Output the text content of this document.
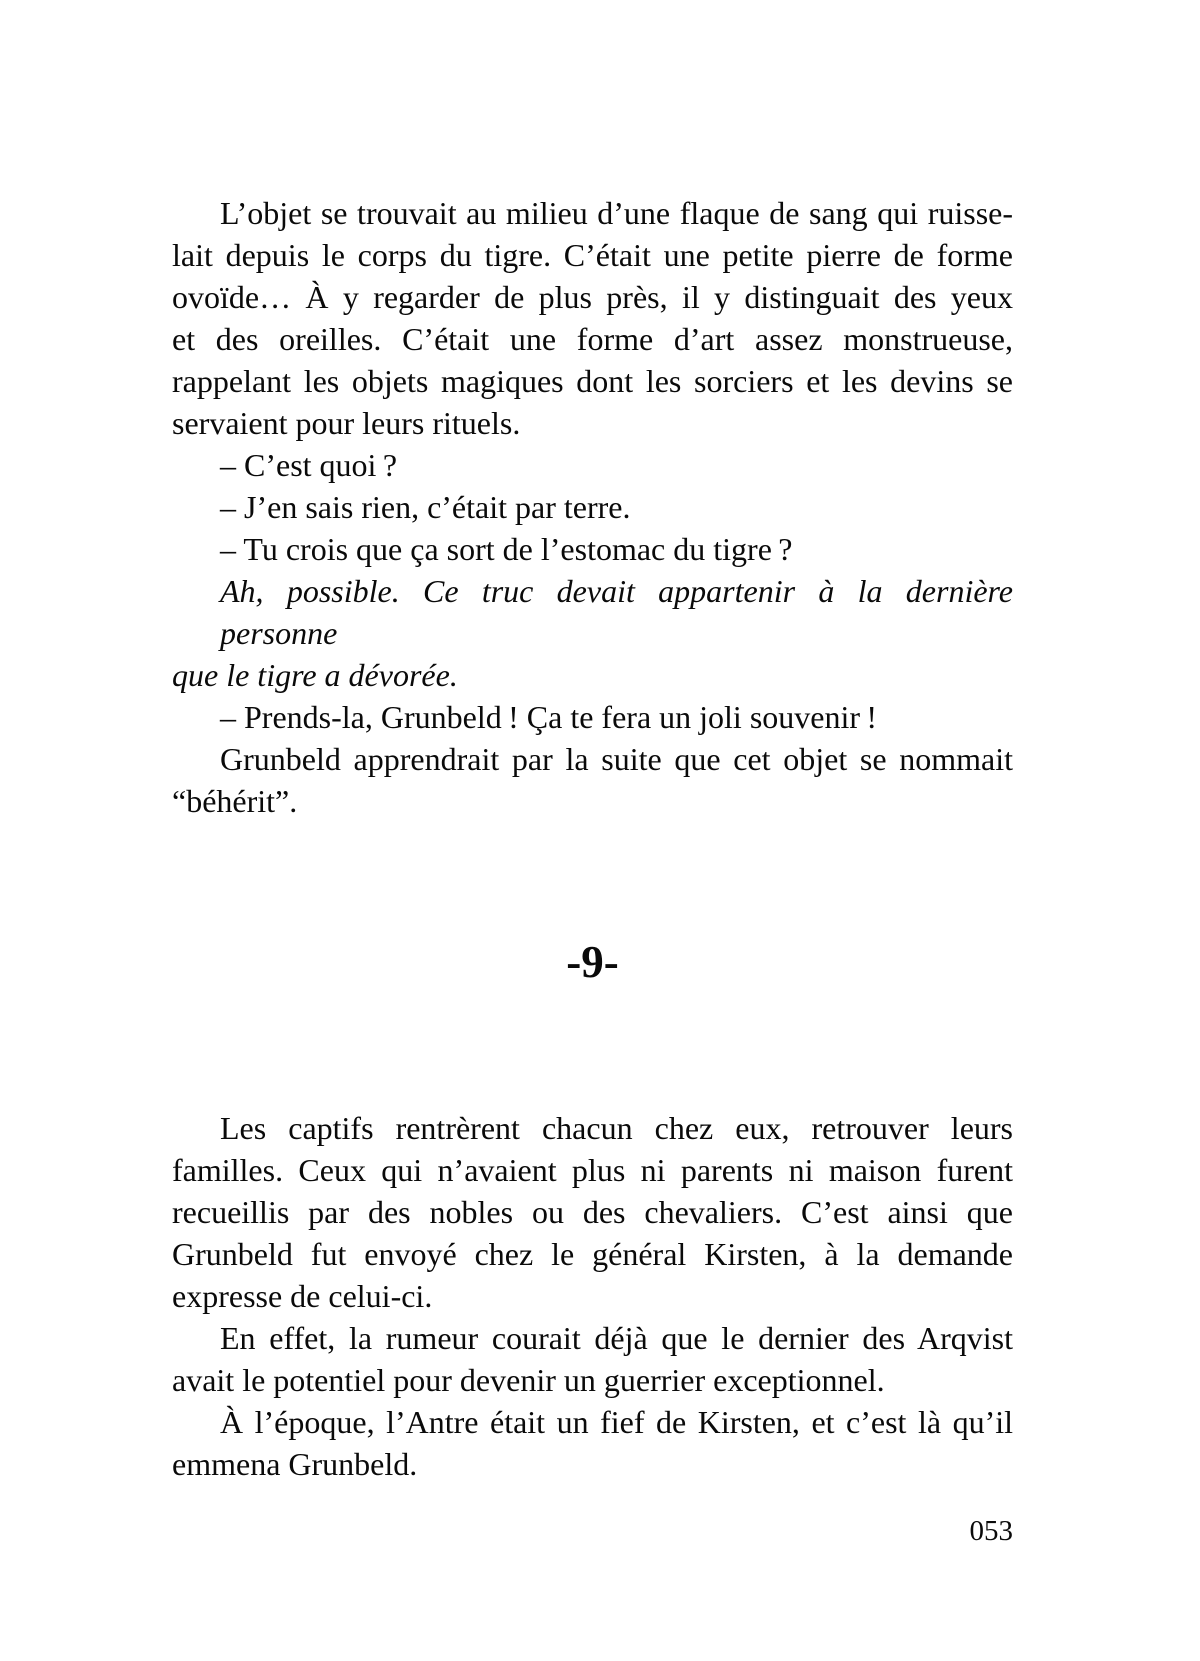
L’objet se trouvait au milieu d’une flaque de sang qui ruisse-
lait depuis le corps du tigre. C’était une petite pierre de forme
ovoïde… À y regarder de plus près, il y distinguait des yeux
et des oreilles. C’était une forme d’art assez monstrueuse,
rappelant les objets magiques dont les sorciers et les devins se
servaient pour leurs rituels.

– C’est quoi ?

– J’en sais rien, c’était par terre.

– Tu crois que ça sort de l’estomac du tigre ?

Ah, possible. Ce truc devait appartenir à la dernière personne
que le tigre a dévorée.

– Prends-la, Grunbeld ! Ça te fera un joli souvenir !

Grunbeld apprendrait par la suite que cet objet se nommait
“béhérit”.

-9-

Les captifs rentrèrent chacun chez eux, retrouver leurs
familles. Ceux qui n’avaient plus ni parents ni maison furent
recueillis par des nobles ou des chevaliers. C’est ainsi que
Grunbeld fut envoyé chez le général Kirsten, à la demande
expresse de celui-ci.

En effet, la rumeur courait déjà que le dernier des Arqvist
avait le potentiel pour devenir un guerrier exceptionnel.

À l’époque, l’Antre était un fief de Kirsten, et c’est là qu’il
emmena Grunbeld.

053
